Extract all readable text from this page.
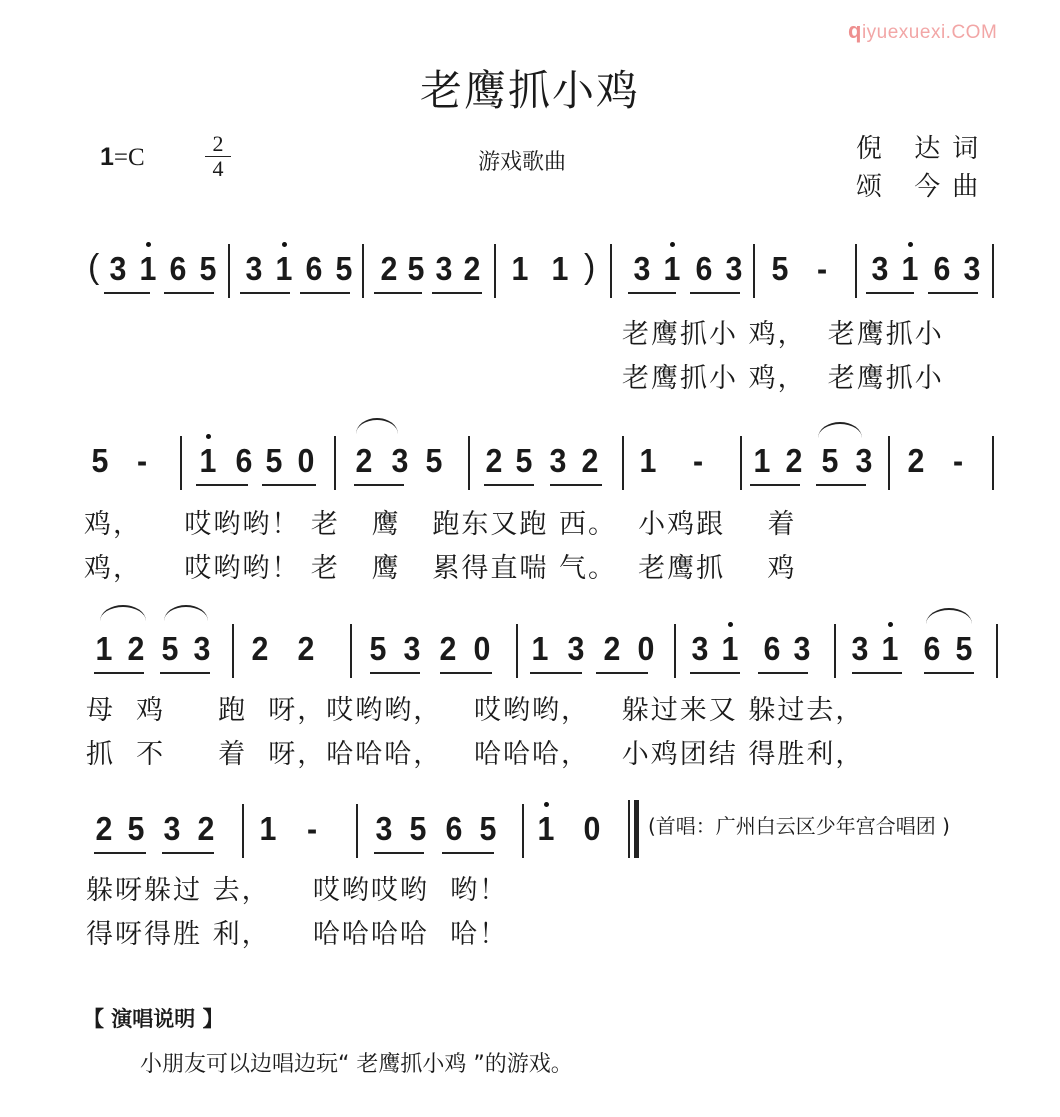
qiyuexuexi.COM
老鹰抓小鸡
1=C
2
4	游戏歌曲	倪 达词
颂 今曲
( 3 1 6 5 3 1 6 5 2 5 3 2 1 1 ) 3 1 6 3 5 - 3 1 6 3
老鹰抓小 鸡，  老鹰抓小
老鹰抓小 鸡，  老鹰抓小
5 - 1 6 5 0 2 3 5 2 5 3 2 1 - 1 2 5 3 2 -
鸡，    哎哟哟！ 老   鹰   跑东又跑 西。  小鸡跟    着
鸡，    哎哟哟！ 老   鹰   累得直喘 气。  老鹰抓    鸡
1 2 5 3 2 2 5 3 2 0 1 3 2 0 3 1 6 3 3 1 6 5
母  鸡     跑  呀，哎哟哟，   哎哟哟，   躲过来又 躲过去，
抓  不     着  呀，哈哈哈，   哈哈哈，   小鸡团结 得胜利，
2 5 3 2 1 - 3 5 6 5 1 0
躲呀躲过 去，    哎哟哎哟  哟！
得呀得胜 利，    哈哈哈哈  哈！
(首唱：广州白云区少年宫合唱团 )
【 演唱说明 】
小朋友可以边唱边玩“ 老鹰抓小鸡 ”的游戏。
